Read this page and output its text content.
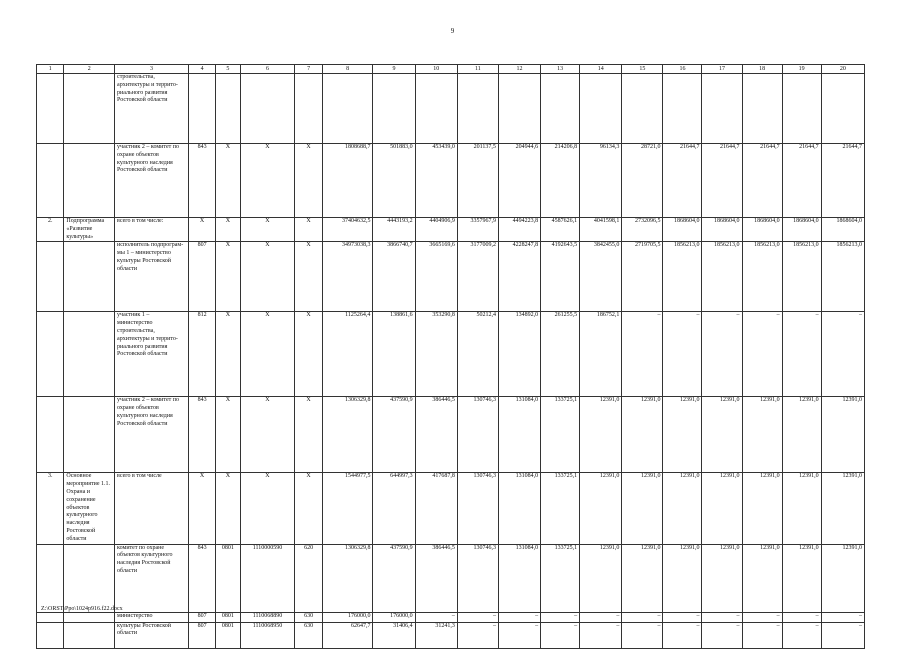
9
1	2	3	4	5	6	7	8	9	10	11	12	13	14	15	16	17	18	19	20
		строительства, архитектуры и террито-риального развития Ростовской области																	
		участник 2 – комитет по охране объектов культурного наследия Ростовской области	843	Х	Х	Х	1808688,7	501883,0	453439,0	201137,5	204944,6	214206,8	96134,3	28721,0	21644,7	21644,7	21644,7	21644,7	21644,7
2.	Подпрограмма «Развитие культуры»	всего в том числе:	Х	Х	Х	Х	37404632,5	4443193,2	4404906,9	3357967,9	4494223,8	4587626,1	4041598,1	2732096,5	1868604,0	1868604,0	1868604,0	1868604,0	1868604,0
		исполнитель подпрограм-мы 1 – министерство культуры Ростовской области	807	Х	Х	Х	34973038,3	3866740,7	3665169,6	3177009,2	4228247,8	4192643,5	3842455,0	2719705,5	1856213,0	1856213,0	1856213,0	1856213,0	1856213,0
		участник 1 – министерство строительства, архитектуры и террито-риального развития Ростовской области	812	Х	Х	Х	1125264,4	138861,6	353290,8	50212,4	134892,0	261255,5	186752,1	–	–	–	–	–	–
		участник 2 – комитет по охране объектов культурного наследия Ростовской области	843	Х	Х	Х	1306329,8	437590,9	386446,5	130746,3	131084,0	133725,1	12391,0	12391,0	12391,0	12391,0	12391,0	12391,0	12391,0
3.	Основное мероприятие 1.1. Охрана и сохранение объектов культурного наследия Ростовской области	всего в том числе	Х	Х	Х	Х	1544977,5	644997,3	417687,8	130746,3	131084,0	133725,1	12391,0	12391,0	12391,0	12391,0	12391,0	12391,0	12391,0
		комитет по охране объектов культурного наследия Ростовской области	843	0801	1110000590	620	1306329,8	437590,9	386446,5	130746,3	131084,0	133725,1	12391,0	12391,0	12391,0	12391,0	12391,0	12391,0	12391,0
		министерство	807	0801	1110068890	630	176000,0	176000,0	–	–	–	–	–	–	–	–	–	–	–
		культуры Ростовской области	807	0801	1110068950	630	62647,7	31406,4	31241,3	–	–	–	–	–	–	–	–	–	–
Z:\ORST\Ppo\1024p916.f22.docx
